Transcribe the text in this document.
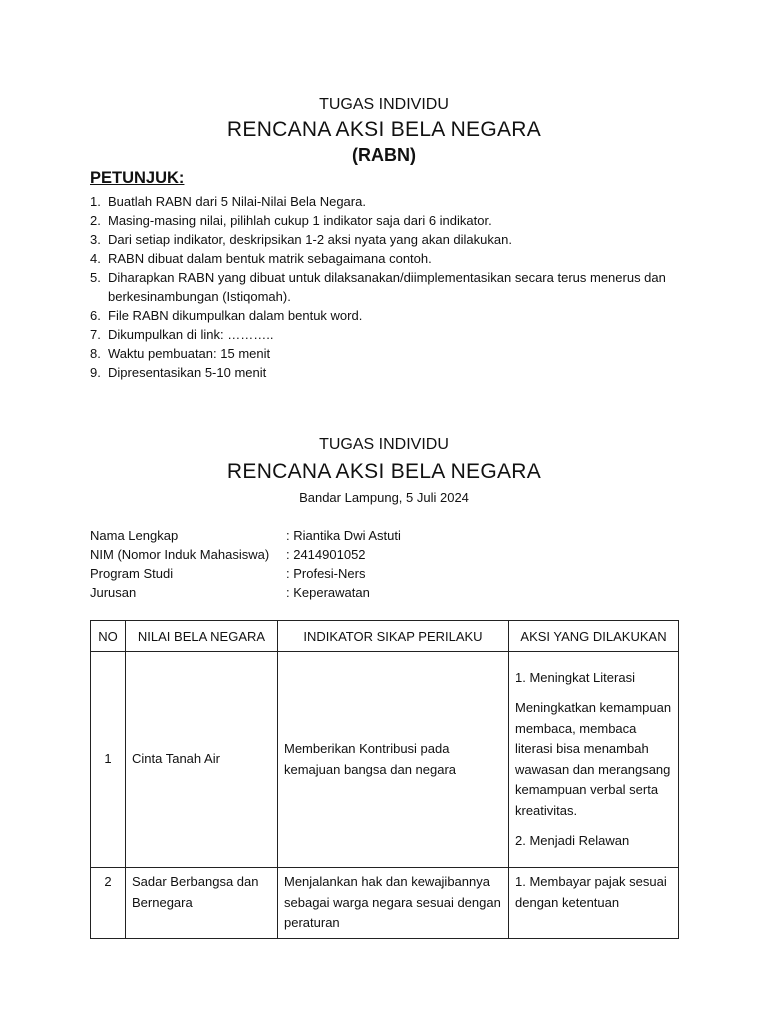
TUGAS INDIVIDU
RENCANA AKSI BELA NEGARA
(RABN)
PETUNJUK:
1. Buatlah RABN dari 5 Nilai-Nilai Bela Negara.
2. Masing-masing nilai, pilihlah cukup 1 indikator saja dari 6 indikator.
3. Dari setiap indikator, deskripsikan 1-2 aksi nyata yang akan dilakukan.
4. RABN dibuat dalam bentuk matrik sebagaimana contoh.
5. Diharapkan RABN yang dibuat untuk dilaksanakan/diimplementasikan secara terus menerus dan berkesinambungan (Istiqomah).
6. File RABN dikumpulkan dalam bentuk word.
7. Dikumpulkan di link: ………..
8. Waktu pembuatan: 15 menit
9. Dipresentasikan 5-10 menit
TUGAS INDIVIDU
RENCANA AKSI BELA NEGARA
Bandar Lampung, 5 Juli 2024
Nama Lengkap	: Riantika Dwi Astuti
NIM (Nomor Induk Mahasiswa)	: 2414901052
Program Studi	: Profesi-Ners
Jurusan	: Keperawatan
NO	NILAI BELA NEGARA	INDIKATOR SIKAP PERILAKU	AKSI YANG DILAKUKAN
1	Cinta Tanah Air	Memberikan Kontribusi pada kemajuan bangsa dan negara	1. Meningkat Literasi

Meningkatkan kemampuan membaca, membaca literasi bisa menambah wawasan dan merangsang kemampuan verbal serta kreativitas.

2. Menjadi Relawan

2	Sadar Berbangsa dan Bernegara	Menjalankan hak dan kewajibannya sebagai warga negara sesuai dengan peraturan	1. Membayar pajak sesuai dengan ketentuan
